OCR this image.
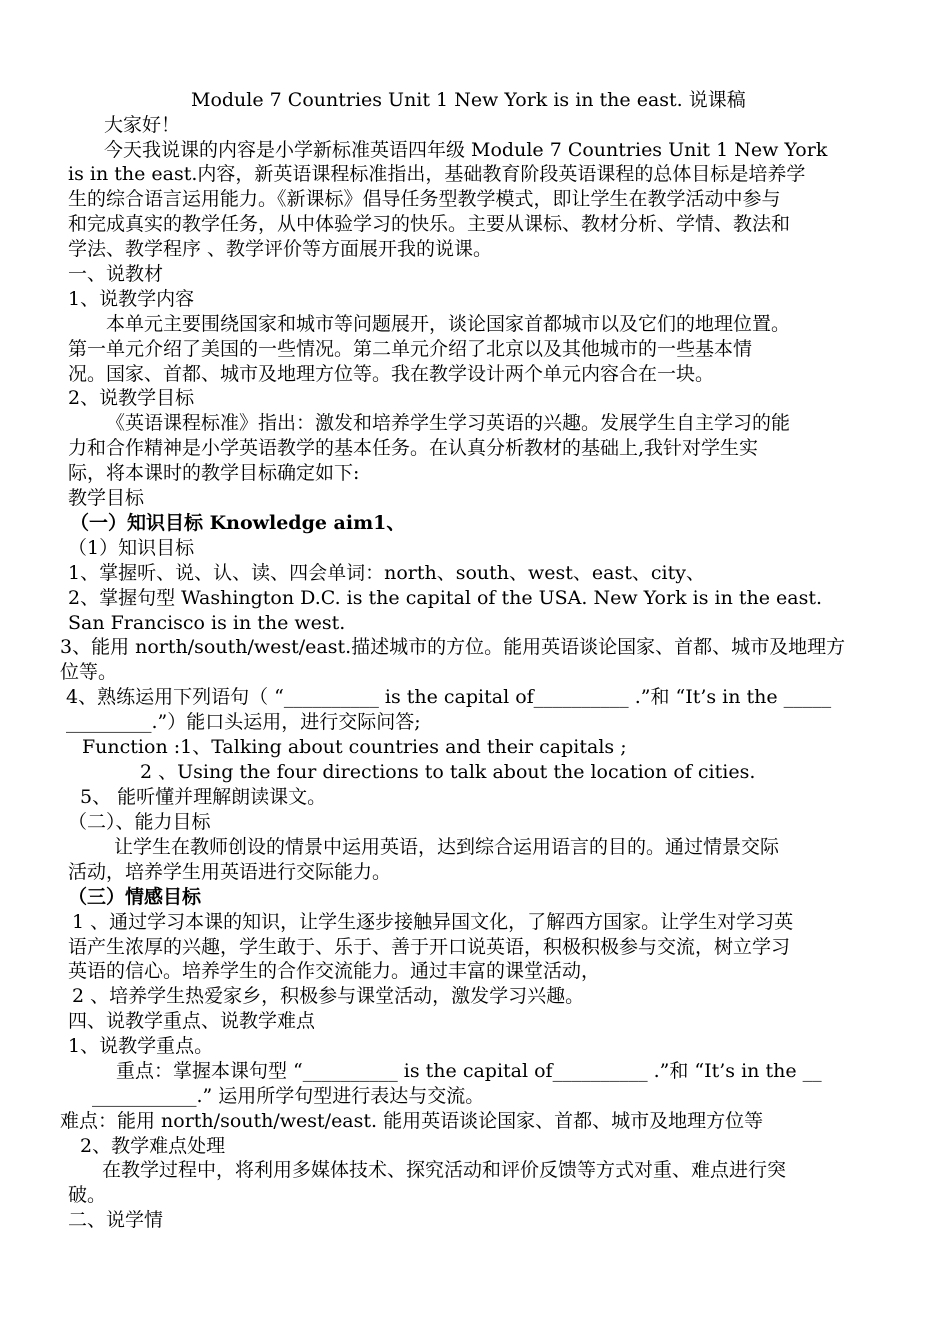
Module 7 Countries Unit 1 New York is in the east. 说课稿
大家好！
今天我说课的内容是小学新标准英语四年级 Module 7 Countries Unit 1 New York
is in the east.内容，新英语课程标准指出，基础教育阶段英语课程的总体目标是培养学
生的综合语言运用能力。《新课标》倡导任务型教学模式，即让学生在教学活动中参与
和完成真实的教学任务，从中体验学习的快乐。主要从课标、教材分析、学情、教法和
学法、教学程序 、教学评价等方面展开我的说课。
一、说教材
1、说教学内容
本单元主要围绕国家和城市等问题展开，谈论国家首都城市以及它们的地理位置。
第一单元介绍了美国的一些情况。第二单元介绍了北京以及其他城市的一些基本情
况。国家、首都、城市及地理方位等。我在教学设计两个单元内容合在一块。
2、说教学目标
《英语课程标准》指出：激发和培养学生学习英语的兴趣。发展学生自主学习的能
力和合作精神是小学英语教学的基本任务。在认真分析教材的基础上,我针对学生实
际，将本课时的教学目标确定如下:
教学目标
（一）知识目标 Knowledge aim1、
（1）知识目标
1、掌握听、说、认、读、四会单词：north、south、west、east、city、
2、掌握句型 Washington D.C. is the capital of the USA. New York is in the east.
San Francisco is in the west.
3、能用 north/south/west/east.描述城市的方位。能用英语谈论国家、首都、城市及地理方
位等。
4、熟练运用下列语句（ “__________ is the capital of__________ .”和 “It’s in the _____
_________.”）能口头运用，进行交际问答;
Function :1、Talking about countries and their capitals ;
2 、Using the four directions to talk about the location of cities.
5、 能听懂并理解朗读课文。
（二）、能力目标
让学生在教师创设的情景中运用英语，达到综合运用语言的目的。通过情景交际
活动，培养学生用英语进行交际能力。
（三）情感目标
1 、通过学习本课的知识，让学生逐步接触异国文化，了解西方国家。让学生对学习英
语产生浓厚的兴趣，学生敢于、乐于、善于开口说英语，积极积极参与交流，树立学习
英语的信心。培养学生的合作交流能力。通过丰富的课堂活动，
2 、培养学生热爱家乡，积极参与课堂活动，激发学习兴趣。
四、说教学重点、说教学难点
1、说教学重点。
重点：掌握本课句型 “__________ is the capital of__________ .”和 “It’s in the __
___________.” 运用所学句型进行表达与交流。
难点：能用 north/south/west/east. 能用英语谈论国家、首都、城市及地理方位等
2、教学难点处理
在教学过程中，将利用多媒体技术、探究活动和评价反馈等方式对重、难点进行突
破。
二、说学情
